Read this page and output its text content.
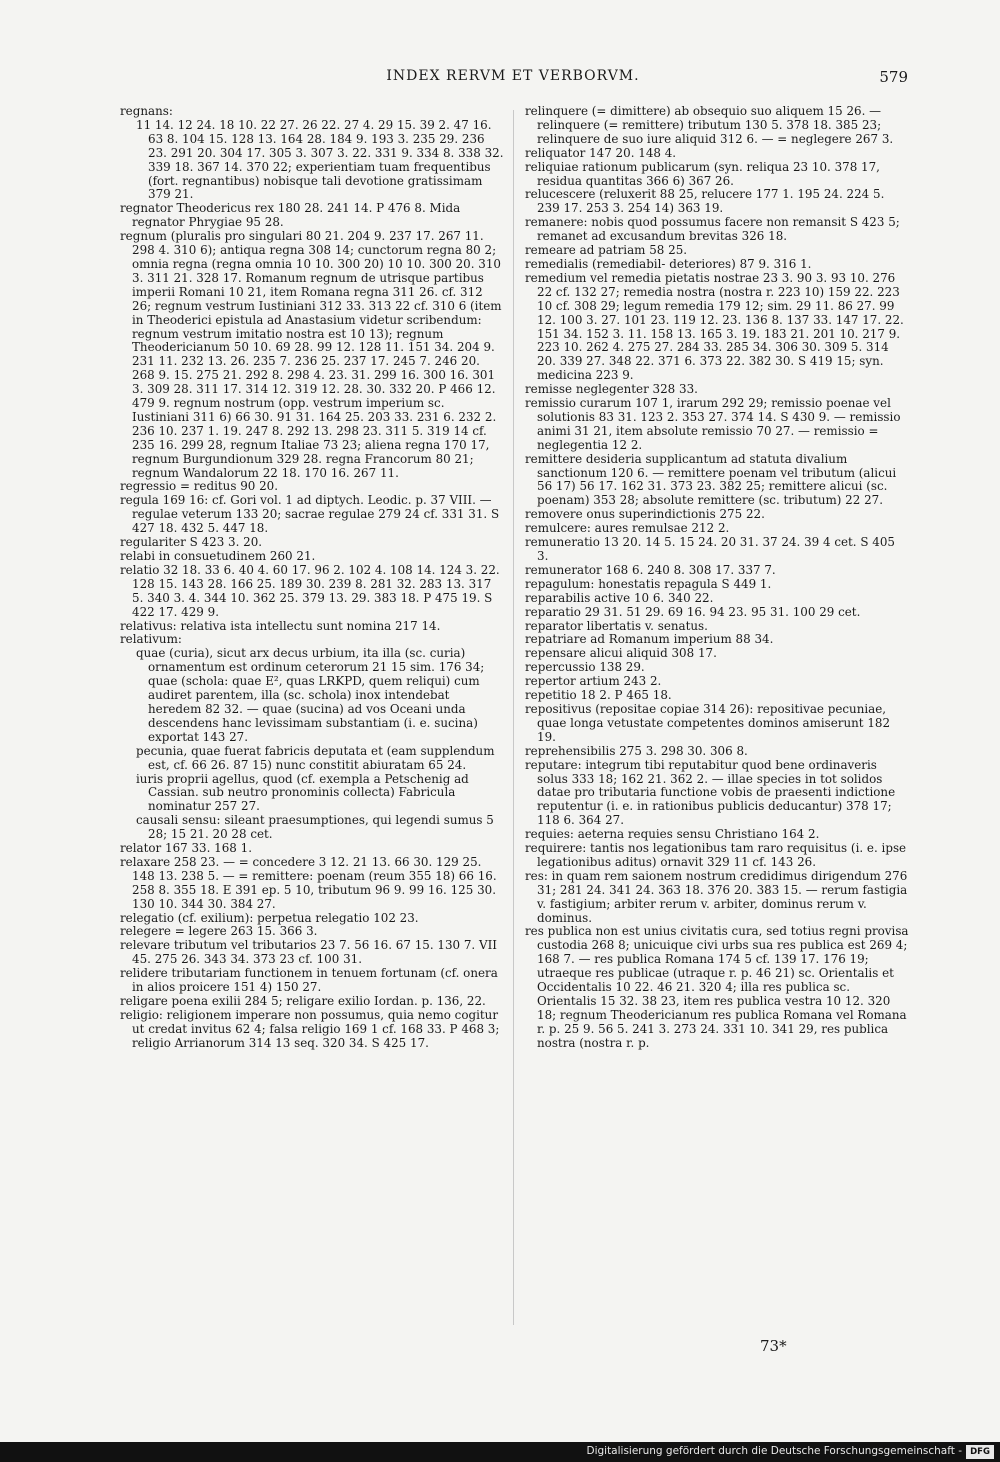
INDEX RERVM ET VERBORVM.	579

regnans:

11 14. 12 24. 18 10. 22 27. 26 22. 27 4. 29 15. 39 2. 47 16. 63 8. 104 15. 128 13. 164 28. 184 9. 193 3. 235 29. 236 23. 291 20. 304 17. 305 3. 307 3. 22. 331 9. 334 8. 338 32. 339 18. 367 14. 370 22; experientiam tuam frequentibus (fort. regnantibus) nobisque tali devotione gratissimam 379 21.

regnator Theodericus rex 180 28. 241 14. P 476 8. Mida regnator Phrygiae 95 28.

regnum (pluralis pro singulari 80 21. 204 9. 237 17. 267 11. 298 4. 310 6); antiqua regna 308 14; cunctorum regna 80 2; omnia regna (regna omnia 10 10. 300 20) 10 10. 300 20. 310 3. 311 21. 328 17. Romanum regnum de utrisque partibus imperii Romani 10 21, item Romana regna 311 26. cf. 312 26; regnum vestrum Iustiniani 312 33. 313 22 cf. 310 6 (item in Theoderici epistula ad Anastasium videtur scribendum: regnum vestrum imitatio nostra est 10 13); regnum Theodericianum 50 10. 69 28. 99 12. 128 11. 151 34. 204 9. 231 11. 232 13. 26. 235 7. 236 25. 237 17. 245 7. 246 20. 268 9. 15. 275 21. 292 8. 298 4. 23. 31. 299 16. 300 16. 301 3. 309 28. 311 17. 314 12. 319 12. 28. 30. 332 20. P 466 12. 479 9. regnum nostrum (opp. vestrum imperium sc. Iustiniani 311 6) 66 30. 91 31. 164 25. 203 33. 231 6. 232 2. 236 10. 237 1. 19. 247 8. 292 13. 298 23. 311 5. 319 14 cf. 235 16. 299 28, regnum Italiae 73 23; aliena regna 170 17, regnum Burgundionum 329 28. regna Francorum 80 21; regnum Wandalorum 22 18. 170 16. 267 11.

regressio = reditus 90 20.

regula 169 16: cf. Gori vol. 1 ad diptych. Leodic. p. 37 VIII. — regulae veterum 133 20; sacrae regulae 279 24 cf. 331 31. S 427 18. 432 5. 447 18.

regulariter S 423 3. 20.

relabi in consuetudinem 260 21.

relatio 32 18. 33 6. 40 4. 60 17. 96 2. 102 4. 108 14. 124 3. 22. 128 15. 143 28. 166 25. 189 30. 239 8. 281 32. 283 13. 317 5. 340 3. 4. 344 10. 362 25. 379 13. 29. 383 18. P 475 19. S 422 17. 429 9.

relativus: relativa ista intellectu sunt nomina 217 14.

relativum:

quae (curia), sicut arx decus urbium, ita illa (sc. curia) ornamentum est ordinum ceterorum 21 15 sim. 176 34; quae (schola: quae E², quas LRKPD, quem reliqui) cum audiret parentem, illa (sc. schola) inox intendebat heredem 82 32. — quae (sucina) ad vos Oceani unda descendens hanc levissimam substantiam (i. e. sucina) exportat 143 27.

pecunia, quae fuerat fabricis deputata et (eam supplendum est, cf. 66 26. 87 15) nunc constitit abiuratam 65 24.

iuris proprii agellus, quod (cf. exempla a Petschenig ad Cassian. sub neutro pronominis collecta) Fabricula nominatur 257 27.

causali sensu: sileant praesumptiones, qui legendi sumus 5 28; 15 21. 20 28 cet.

relator 167 33. 168 1.

relaxare 258 23. — = concedere 3 12. 21 13. 66 30. 129 25. 148 13. 238 5. — = remittere: poenam (reum 355 18) 66 16. 258 8. 355 18. E 391 ep. 5 10, tributum 96 9. 99 16. 125 30. 130 10. 344 30. 384 27.

relegatio (cf. exilium): perpetua relegatio 102 23.

relegere = legere 263 15. 366 3.

relevare tributum vel tributarios 23 7. 56 16. 67 15. 130 7. VII 45. 275 26. 343 34. 373 23 cf. 100 31.

relidere tributariam functionem in tenuem fortunam (cf. onera in alios proicere 151 4) 150 27.

religare poena exilii 284 5; religare exilio Iordan. p. 136, 22.

religio: religionem imperare non possumus, quia nemo cogitur ut credat invitus 62 4; falsa religio 169 1 cf. 168 33. P 468 3; religio Arrianorum 314 13 seq. 320 34. S 425 17.

relinquere (= dimittere) ab obsequio suo aliquem 15 26. — relinquere (= remittere) tributum 130 5. 378 18. 385 23; relinquere de suo iure aliquid 312 6. — = neglegere 267 3.

reliquator 147 20. 148 4.

reliquiae rationum publicarum (syn. reliqua 23 10. 378 17, residua quantitas 366 6) 367 26.

relucescere (reluxerit 88 25, relucere 177 1. 195 24. 224 5. 239 17. 253 3. 254 14) 363 19.

remanere: nobis quod possumus facere non remansit S 423 5; remanet ad excusandum brevitas 326 18.

remeare ad patriam 58 25.

remedialis (remediabil- deteriores) 87 9. 316 1.

remedium vel remedia pietatis nostrae 23 3. 90 3. 93 10. 276 22 cf. 132 27; remedia nostra (nostra r. 223 10) 159 22. 223 10 cf. 308 29; legum remedia 179 12; sim. 29 11. 86 27. 99 12. 100 3. 27. 101 23. 119 12. 23. 136 8. 137 33. 147 17. 22. 151 34. 152 3. 11. 158 13. 165 3. 19. 183 21. 201 10. 217 9. 223 10. 262 4. 275 27. 284 33. 285 34. 306 30. 309 5. 314 20. 339 27. 348 22. 371 6. 373 22. 382 30. S 419 15; syn. medicina 223 9.

remisse neglegenter 328 33.

remissio curarum 107 1, irarum 292 29; remissio poenae vel solutionis 83 31. 123 2. 353 27. 374 14. S 430 9. — remissio animi 31 21, item absolute remissio 70 27. — remissio = neglegentia 12 2.

remittere desideria supplicantum ad statuta divalium sanctionum 120 6. — remittere poenam vel tributum (alicui 56 17) 56 17. 162 31. 373 23. 382 25; remittere alicui (sc. poenam) 353 28; absolute remittere (sc. tributum) 22 27.

removere onus superindictionis 275 22.

remulcere: aures remulsae 212 2.

remuneratio 13 20. 14 5. 15 24. 20 31. 37 24. 39 4 cet. S 405 3.

remunerator 168 6. 240 8. 308 17. 337 7.

repagulum: honestatis repagula S 449 1.

reparabilis active 10 6. 340 22.

reparatio 29 31. 51 29. 69 16. 94 23. 95 31. 100 29 cet.

reparator libertatis v. senatus.

repatriare ad Romanum imperium 88 34.

repensare alicui aliquid 308 17.

repercussio 138 29.

repertor artium 243 2.

repetitio 18 2. P 465 18.

repositivus (repositae copiae 314 26): repositivae pecuniae, quae longa vetustate competentes dominos amiserunt 182 19.

reprehensibilis 275 3. 298 30. 306 8.

reputare: integrum tibi reputabitur quod bene ordinaveris solus 333 18; 162 21. 362 2. — illae species in tot solidos datae pro tributaria functione vobis de praesenti indictione reputentur (i. e. in rationibus publicis deducantur) 378 17; 118 6. 364 27.

requies: aeterna requies sensu Christiano 164 2.

requirere: tantis nos legationibus tam raro requisitus (i. e. ipse legationibus aditus) ornavit 329 11 cf. 143 26.

res: in quam rem saionem nostrum credidimus dirigendum 276 31; 281 24. 341 24. 363 18. 376 20. 383 15. — rerum fastigia v. fastigium; arbiter rerum v. arbiter, dominus rerum v. dominus.

res publica non est unius civitatis cura, sed totius regni provisa custodia 268 8; unicuique civi urbs sua res publica est 269 4; 168 7. — res publica Romana 174 5 cf. 139 17. 176 19; utraeque res publicae (utraque r. p. 46 21) sc. Orientalis et Occidentalis 10 22. 46 21. 320 4; illa res publica sc. Orientalis 15 32. 38 23, item res publica vestra 10 12. 320 18; regnum Theodericianum res publica Romana vel Romana r. p. 25 9. 56 5. 241 3. 273 24. 331 10. 341 29, res publica nostra (nostra r. p.

73*
Digitalisierung gefördert durch die Deutsche Forschungsgemeinschaft - DFG
